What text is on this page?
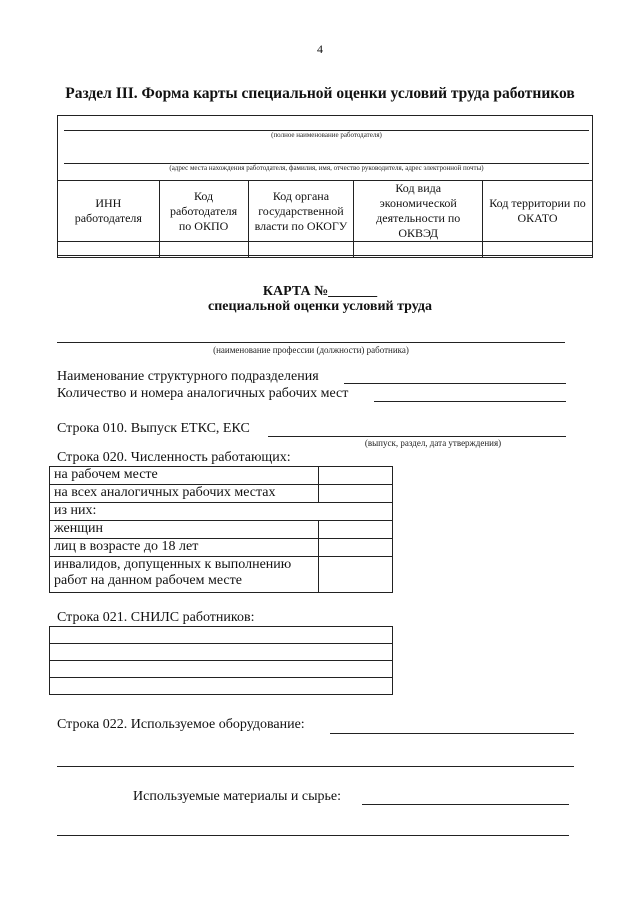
4
Раздел III. Форма карты специальной оценки условий труда работников
(полное наименование работодателя)
(адрес места нахождения работодателя, фамилия, имя, отчество руководителя, адрес электронной почты)
ИНН работодателя	Код работодателя по ОКПО	Код органа государственной власти по ОКОГУ	Код вида экономической деятельности по ОКВЭД	Код территории по ОКАТО

КАРТА №_______
специальной оценки условий труда
(наименование профессии (должности) работника)
Наименование структурного подразделения
Количество и номера аналогичных рабочих мест
Строка 010. Выпуск ЕТКС, ЕКС
(выпуск, раздел, дата утверждения)
Строка 020. Численность работающих:
на рабочем месте	
на всех аналогичных рабочих местах	
из них:	
женщин	
лиц в возрасте до 18 лет	
инвалидов, допущенных к выполнению работ на данном рабочем месте	
Строка 021. СНИЛС работников:

Строка 022. Используемое оборудование:
Используемые материалы и сырье:
